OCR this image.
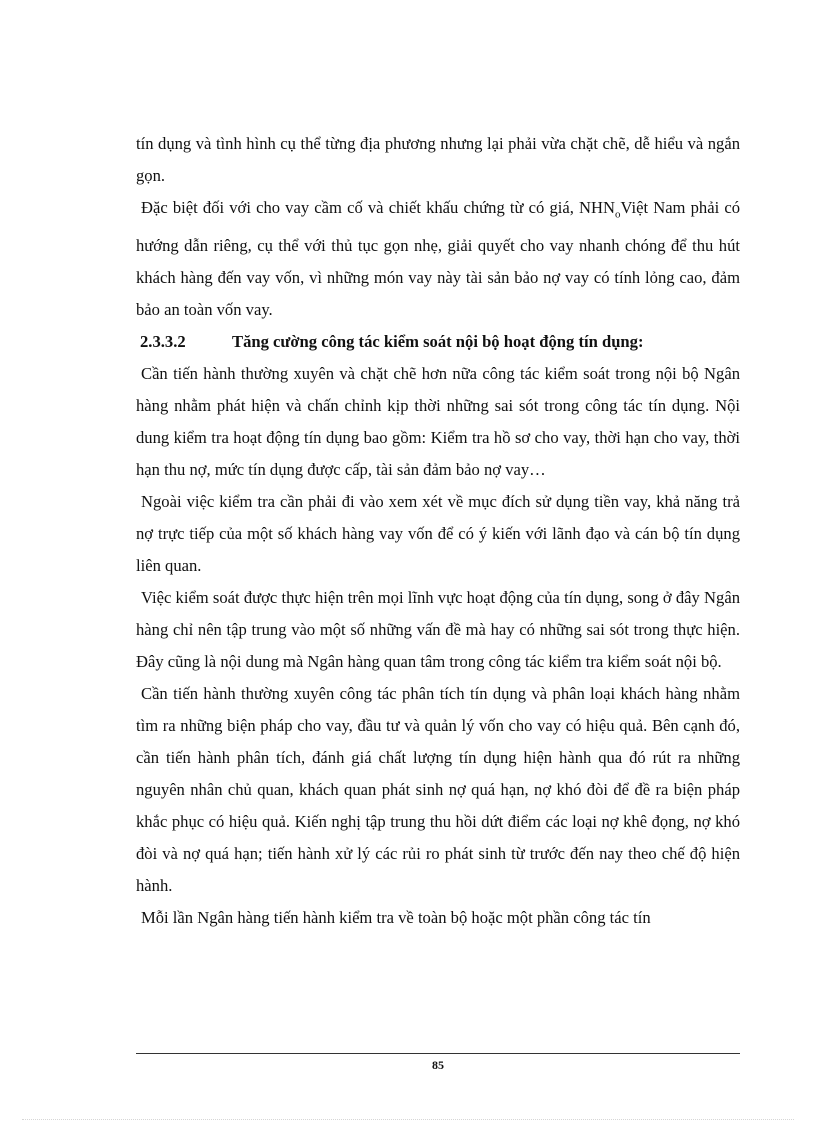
tín dụng và tình hình cụ thể từng địa phương nhưng lại phải vừa chặt chẽ, dễ hiểu và ngắn gọn.

Đặc biệt đối với cho vay cầm cố và chiết khấu chứng từ có giá, $NHN_oViệt$ Nam phải có hướng dẫn riêng, cụ thể với thủ tục gọn nhẹ, giải quyết cho vay nhanh chóng để thu hút khách hàng đến vay vốn, vì những món vay này tài sản bảo nợ vay có tính lỏng cao, đảm bảo an toàn vốn vay.

2.3.3.2	Tăng cường công tác kiểm soát nội bộ hoạt động tín dụng:

Cần tiến hành thường xuyên và chặt chẽ hơn nữa công tác kiểm soát trong nội bộ Ngân hàng nhằm phát hiện và chấn chỉnh kịp thời những sai sót trong công tác tín dụng. Nội dung kiểm tra hoạt động tín dụng bao gồm: Kiểm tra hồ sơ cho vay, thời hạn cho vay, thời hạn thu nợ, mức tín dụng được cấp, tài sản đảm bảo nợ vay…

Ngoài việc kiểm tra cần phải đi vào xem xét về mục đích sử dụng tiền vay, khả năng trả nợ trực tiếp của một số khách hàng vay vốn để có ý kiến với lãnh đạo và cán bộ tín dụng liên quan.

Việc kiểm soát được thực hiện trên mọi lĩnh vực hoạt động của tín dụng, song ở đây Ngân hàng chỉ nên tập trung vào một số những vấn đề mà hay có những sai sót trong thực hiện. Đây cũng là nội dung mà Ngân hàng quan tâm trong công tác kiểm tra kiểm soát nội bộ.

Cần tiến hành thường xuyên công tác phân tích tín dụng và phân loại khách hàng nhằm tìm ra những biện pháp cho vay, đầu tư và quản lý vốn cho vay có hiệu quả. Bên cạnh đó, cần tiến hành phân tích, đánh giá chất lượng tín dụng hiện hành qua đó rút ra những nguyên nhân chủ quan, khách quan phát sinh nợ quá hạn, nợ khó đòi để đề ra biện pháp khắc phục có hiệu quả. Kiến nghị tập trung thu hồi dứt điểm các loại nợ khê đọng, nợ khó đòi và nợ quá hạn; tiến hành xử lý các rủi ro phát sinh từ trước đến nay theo chế độ hiện hành.

Mỗi lần Ngân hàng tiến hành kiểm tra về toàn bộ hoặc một phần công tác tín

85
